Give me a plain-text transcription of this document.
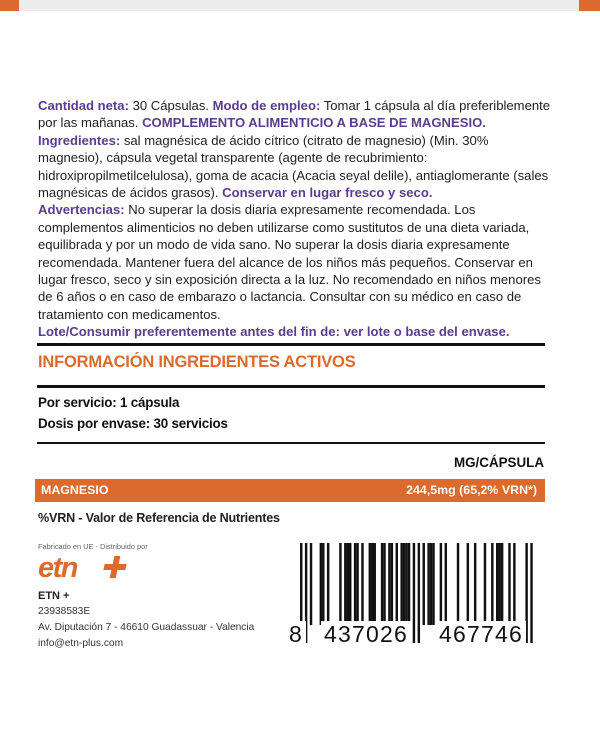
Cantidad neta: 30 Cápsulas. Modo de empleo: Tomar 1 cápsula al día preferiblemente por las mañanas. COMPLEMENTO ALIMENTICIO A BASE DE MAGNESIO. Ingredientes: sal magnésica de ácido cítrico (citrato de magnesio) (Min. 30% magnesio), cápsula vegetal transparente (agente de recubrimiento: hidroxipropilmetilcelulosa), goma de acacia (Acacia seyal delile), antiaglomerante (sales magnésicas de ácidos grasos). Conservar en lugar fresco y seco.
Advertencias: No superar la dosis diaria expresamente recomendada. Los complementos alimenticios no deben utilizarse como sustitutos de una dieta variada, equilibrada y por un modo de vida sano. No superar la dosis diaria expresamente recomendada. Mantener fuera del alcance de los niños más pequeños. Conservar en lugar fresco, seco y sin exposición directa a la luz. No recomendado en niños menores de 6 años o en caso de embarazo o lactancia. Consultar con su médico en caso de tratamiento con medicamentos.
Lote/Consumir preferentemente antes del fin de: ver lote o base del envase.
INFORMACIÓN INGREDIENTES ACTIVOS
Por servicio: 1 cápsula
Dosis por envase: 30 servicios
MG/CÁPSULA
MAGNESIO	244,5mg (65,2% VRN*)
%VRN - Valor de Referencia de Nutrientes
Fabricado en UE - Distribuido por
etn
ETN +
23938583E
Av. Diputación 7 - 46610 Guadassuar - Valencia
info@etn-plus.com	8 437026 467746
